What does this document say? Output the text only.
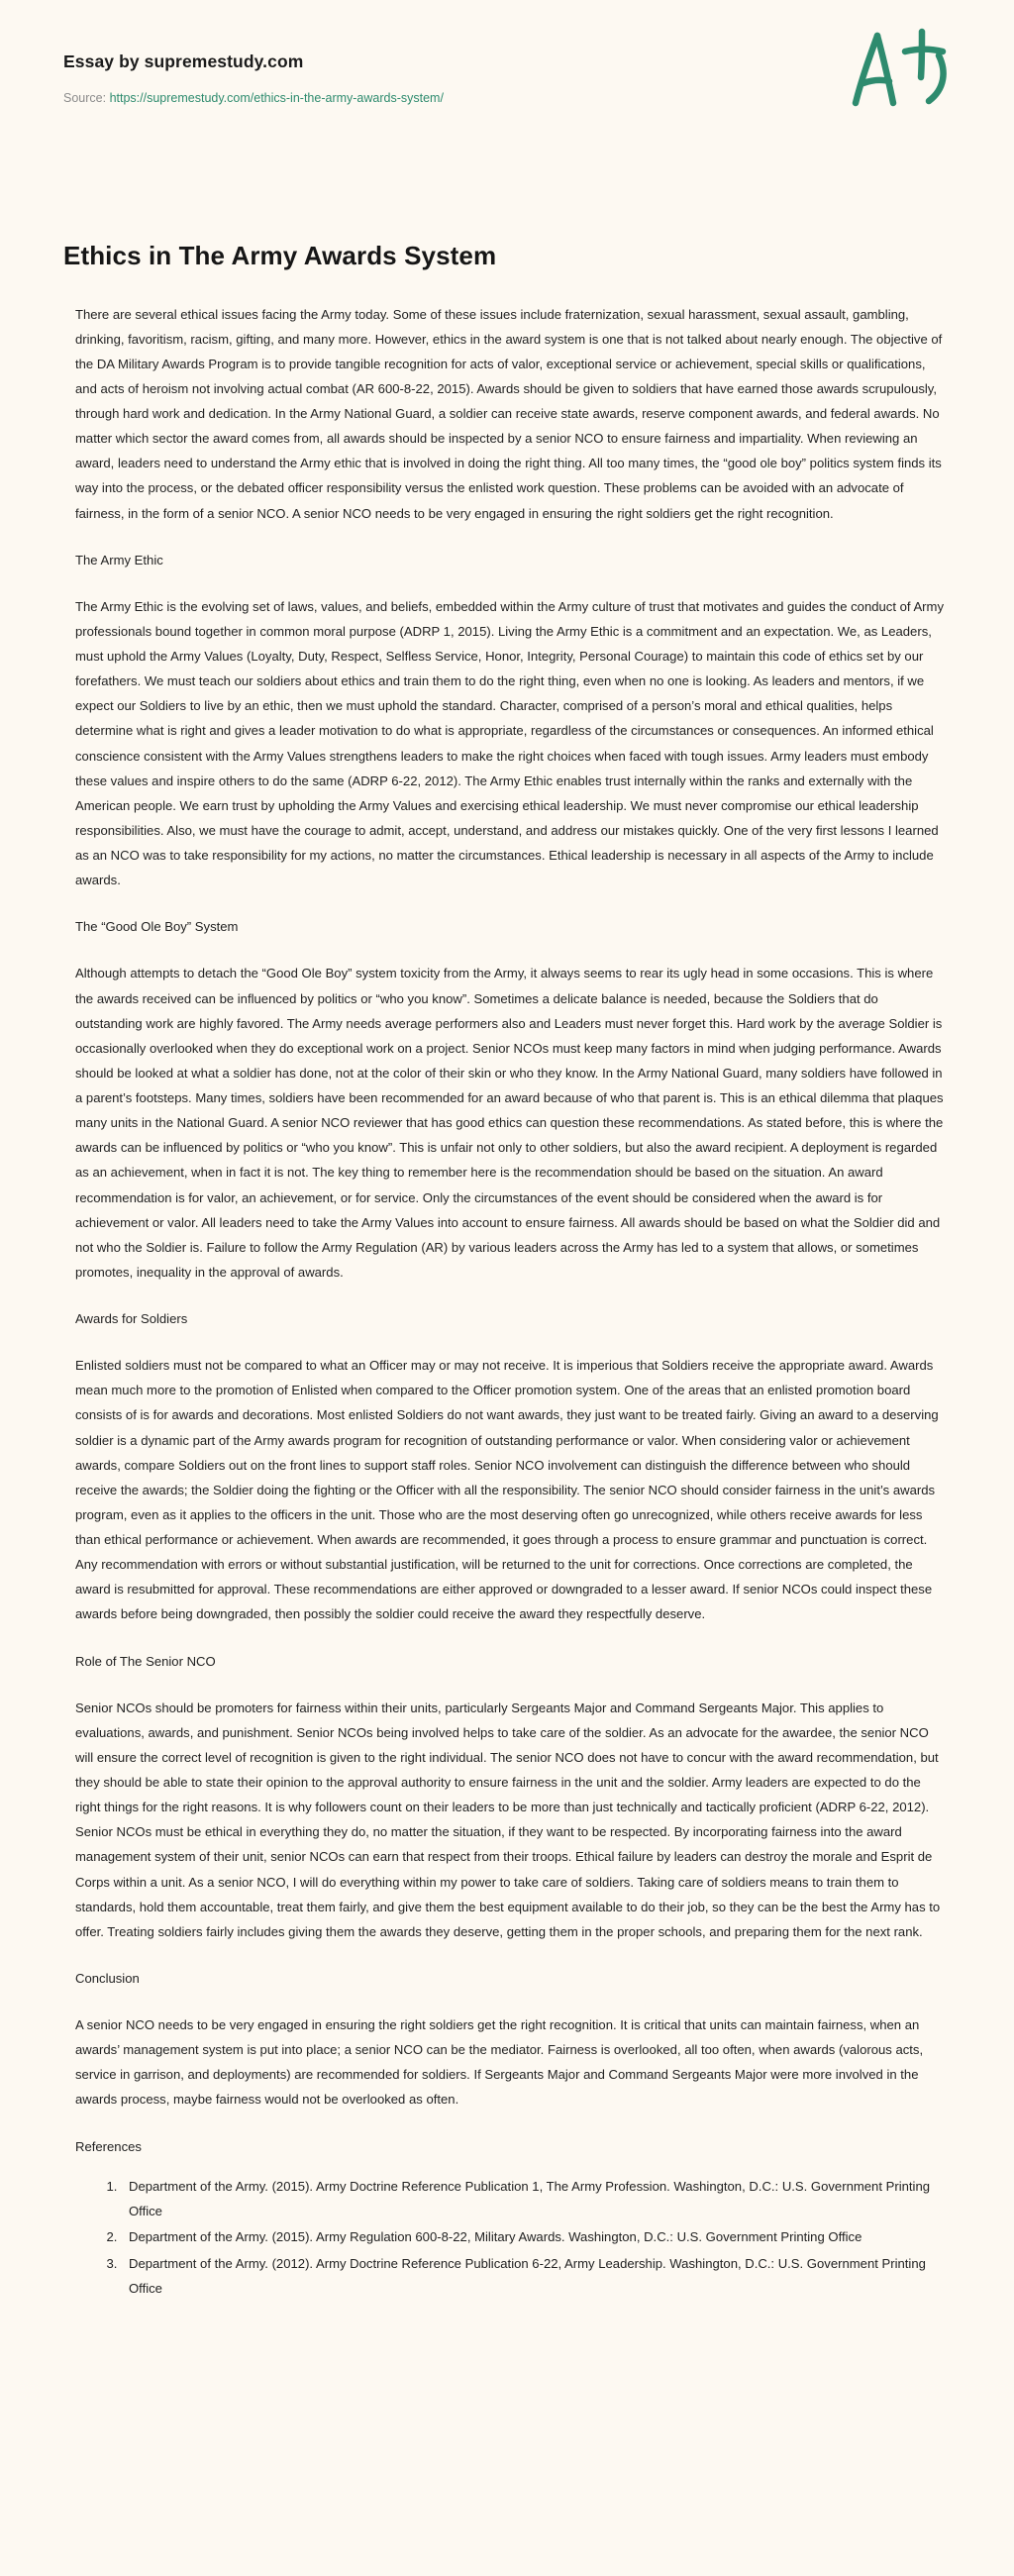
Essay by supremestudy.com
Source: https://supremestudy.com/ethics-in-the-army-awards-system/
Ethics in The Army Awards System

There are several ethical issues facing the Army today. Some of these issues include fraternization, sexual harassment, sexual assault, gambling, drinking, favoritism, racism, gifting, and many more. However, ethics in the award system is one that is not talked about nearly enough. The objective of the DA Military Awards Program is to provide tangible recognition for acts of valor, exceptional service or achievement, special skills or qualifications, and acts of heroism not involving actual combat (AR 600-8-22, 2015). Awards should be given to soldiers that have earned those awards scrupulously, through hard work and dedication. In the Army National Guard, a soldier can receive state awards, reserve component awards, and federal awards. No matter which sector the award comes from, all awards should be inspected by a senior NCO to ensure fairness and impartiality. When reviewing an award, leaders need to understand the Army ethic that is involved in doing the right thing. All too many times, the “good ole boy” politics system finds its way into the process, or the debated officer responsibility versus the enlisted work question. These problems can be avoided with an advocate of fairness, in the form of a senior NCO. A senior NCO needs to be very engaged in ensuring the right soldiers get the right recognition.

The Army Ethic

The Army Ethic is the evolving set of laws, values, and beliefs, embedded within the Army culture of trust that motivates and guides the conduct of Army professionals bound together in common moral purpose (ADRP 1, 2015). Living the Army Ethic is a commitment and an expectation. We, as Leaders, must uphold the Army Values (Loyalty, Duty, Respect, Selfless Service, Honor, Integrity, Personal Courage) to maintain this code of ethics set by our forefathers. We must teach our soldiers about ethics and train them to do the right thing, even when no one is looking. As leaders and mentors, if we expect our Soldiers to live by an ethic, then we must uphold the standard. Character, comprised of a person’s moral and ethical qualities, helps determine what is right and gives a leader motivation to do what is appropriate, regardless of the circumstances or consequences. An informed ethical conscience consistent with the Army Values strengthens leaders to make the right choices when faced with tough issues. Army leaders must embody these values and inspire others to do the same (ADRP 6-22, 2012). The Army Ethic enables trust internally within the ranks and externally with the American people. We earn trust by upholding the Army Values and exercising ethical leadership. We must never compromise our ethical leadership responsibilities. Also, we must have the courage to admit, accept, understand, and address our mistakes quickly. One of the very first lessons I learned as an NCO was to take responsibility for my actions, no matter the circumstances. Ethical leadership is necessary in all aspects of the Army to include awards.

The “Good Ole Boy” System

Although attempts to detach the “Good Ole Boy” system toxicity from the Army, it always seems to rear its ugly head in some occasions. This is where the awards received can be influenced by politics or “who you know”. Sometimes a delicate balance is needed, because the Soldiers that do outstanding work are highly favored. The Army needs average performers also and Leaders must never forget this. Hard work by the average Soldier is occasionally overlooked when they do exceptional work on a project. Senior NCOs must keep many factors in mind when judging performance. Awards should be looked at what a soldier has done, not at the color of their skin or who they know. In the Army National Guard, many soldiers have followed in a parent’s footsteps. Many times, soldiers have been recommended for an award because of who that parent is. This is an ethical dilemma that plaques many units in the National Guard. A senior NCO reviewer that has good ethics can question these recommendations. As stated before, this is where the awards can be influenced by politics or “who you know”. This is unfair not only to other soldiers, but also the award recipient. A deployment is regarded as an achievement, when in fact it is not. The key thing to remember here is the recommendation should be based on the situation. An award recommendation is for valor, an achievement, or for service. Only the circumstances of the event should be considered when the award is for achievement or valor. All leaders need to take the Army Values into account to ensure fairness. All awards should be based on what the Soldier did and not who the Soldier is. Failure to follow the Army Regulation (AR) by various leaders across the Army has led to a system that allows, or sometimes promotes, inequality in the approval of awards.

Awards for Soldiers

Enlisted soldiers must not be compared to what an Officer may or may not receive. It is imperious that Soldiers receive the appropriate award. Awards mean much more to the promotion of Enlisted when compared to the Officer promotion system. One of the areas that an enlisted promotion board consists of is for awards and decorations. Most enlisted Soldiers do not want awards, they just want to be treated fairly. Giving an award to a deserving soldier is a dynamic part of the Army awards program for recognition of outstanding performance or valor. When considering valor or achievement awards, compare Soldiers out on the front lines to support staff roles. Senior NCO involvement can distinguish the difference between who should receive the awards; the Soldier doing the fighting or the Officer with all the responsibility. The senior NCO should consider fairness in the unit’s awards program, even as it applies to the officers in the unit. Those who are the most deserving often go unrecognized, while others receive awards for less than ethical performance or achievement. When awards are recommended, it goes through a process to ensure grammar and punctuation is correct. Any recommendation with errors or without substantial justification, will be returned to the unit for corrections. Once corrections are completed, the award is resubmitted for approval. These recommendations are either approved or downgraded to a lesser award. If senior NCOs could inspect these awards before being downgraded, then possibly the soldier could receive the award they respectfully deserve.

Role of The Senior NCO

Senior NCOs should be promoters for fairness within their units, particularly Sergeants Major and Command Sergeants Major. This applies to evaluations, awards, and punishment. Senior NCOs being involved helps to take care of the soldier. As an advocate for the awardee, the senior NCO will ensure the correct level of recognition is given to the right individual. The senior NCO does not have to concur with the award recommendation, but they should be able to state their opinion to the approval authority to ensure fairness in the unit and the soldier. Army leaders are expected to do the right things for the right reasons. It is why followers count on their leaders to be more than just technically and tactically proficient (ADRP 6-22, 2012). Senior NCOs must be ethical in everything they do, no matter the situation, if they want to be respected. By incorporating fairness into the award management system of their unit, senior NCOs can earn that respect from their troops. Ethical failure by leaders can destroy the morale and Esprit de Corps within a unit. As a senior NCO, I will do everything within my power to take care of soldiers. Taking care of soldiers means to train them to standards, hold them accountable, treat them fairly, and give them the best equipment available to do their job, so they can be the best the Army has to offer. Treating soldiers fairly includes giving them the awards they deserve, getting them in the proper schools, and preparing them for the next rank.

Conclusion

A senior NCO needs to be very engaged in ensuring the right soldiers get the right recognition. It is critical that units can maintain fairness, when an awards’ management system is put into place; a senior NCO can be the mediator. Fairness is overlooked, all too often, when awards (valorous acts, service in garrison, and deployments) are recommended for soldiers. If Sergeants Major and Command Sergeants Major were more involved in the awards process, maybe fairness would not be overlooked as often.

References
1. Department of the Army. (2015). Army Doctrine Reference Publication 1, The Army Profession. Washington, D.C.: U.S. Government Printing Office
2. Department of the Army. (2015). Army Regulation 600-8-22, Military Awards. Washington, D.C.: U.S. Government Printing Office
3. Department of the Army. (2012). Army Doctrine Reference Publication 6-22, Army Leadership. Washington, D.C.: U.S. Government Printing Office
